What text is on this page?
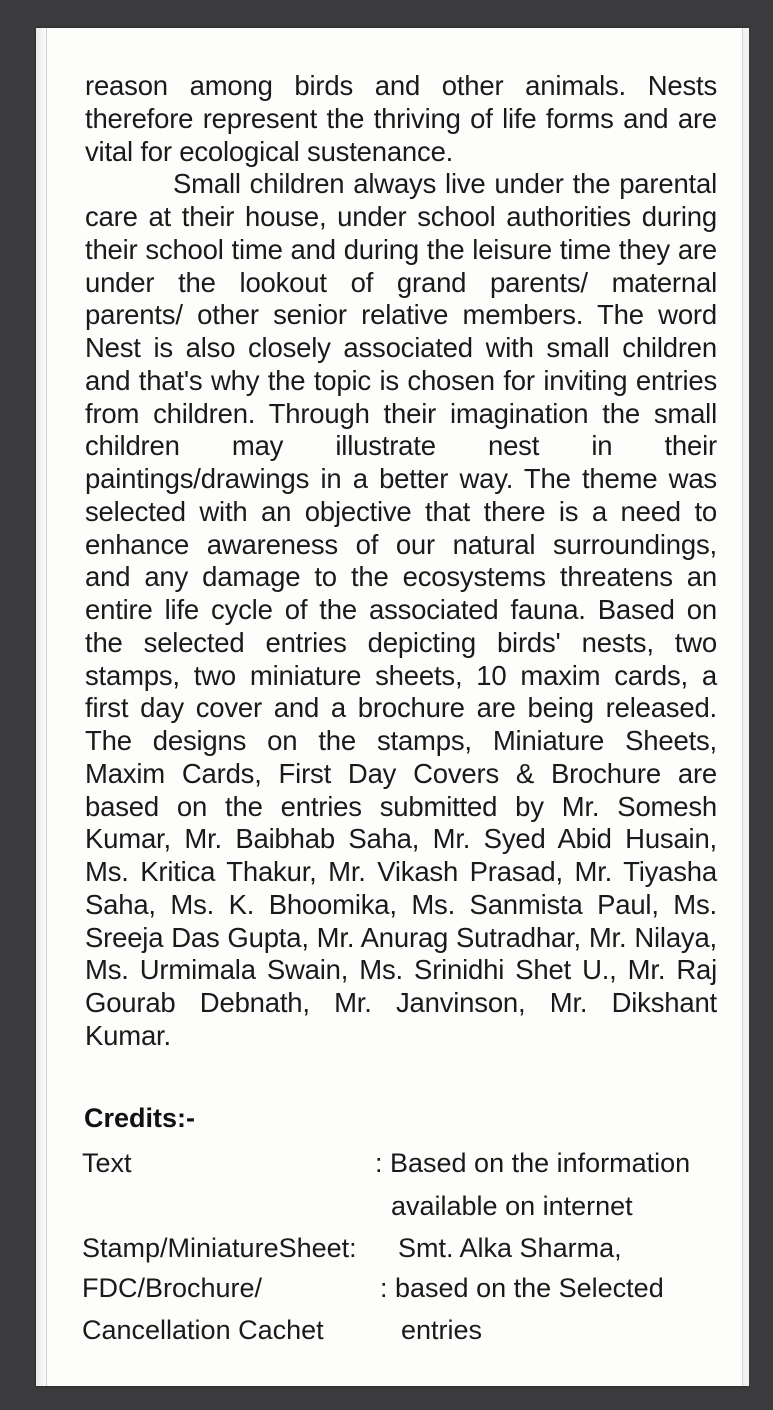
reason among birds and other animals. Nests therefore represent the thriving of life forms and are vital for ecological sustenance.

Small children always live under the parental care at their house, under school authorities during their school time and during the leisure time they are under the lookout of grand parents/ maternal parents/ other senior relative members. The word Nest is also closely associated with small children and that's why the topic is chosen for inviting entries from children. Through their imagination the small children may illustrate nest in their paintings/drawings in a better way. The theme was selected with an objective that there is a need to enhance awareness of our natural surroundings, and any damage to the ecosystems threatens an entire life cycle of the associated fauna. Based on the selected entries depicting birds' nests, two stamps, two miniature sheets, 10 maxim cards, a first day cover and a brochure are being released. The designs on the stamps, Miniature Sheets, Maxim Cards, First Day Covers & Brochure are based on the entries submitted by Mr. Somesh Kumar, Mr. Baibhab Saha, Mr. Syed Abid Husain, Ms. Kritica Thakur, Mr. Vikash Prasad, Mr. Tiyasha Saha, Ms. K. Bhoomika, Ms. Sanmista Paul, Ms. Sreeja Das Gupta, Mr. Anurag Sutradhar, Mr. Nilaya, Ms. Urmimala Swain, Ms. Srinidhi Shet U., Mr. Raj Gourab Debnath, Mr. Janvinson, Mr. Dikshant Kumar.

Credits:-
Text	: Based on the information
available on internet
Stamp/MiniatureSheet: Smt. Alka Sharma,
FDC/Brochure/	: based on the Selected
Cancellation Cachet	entries
